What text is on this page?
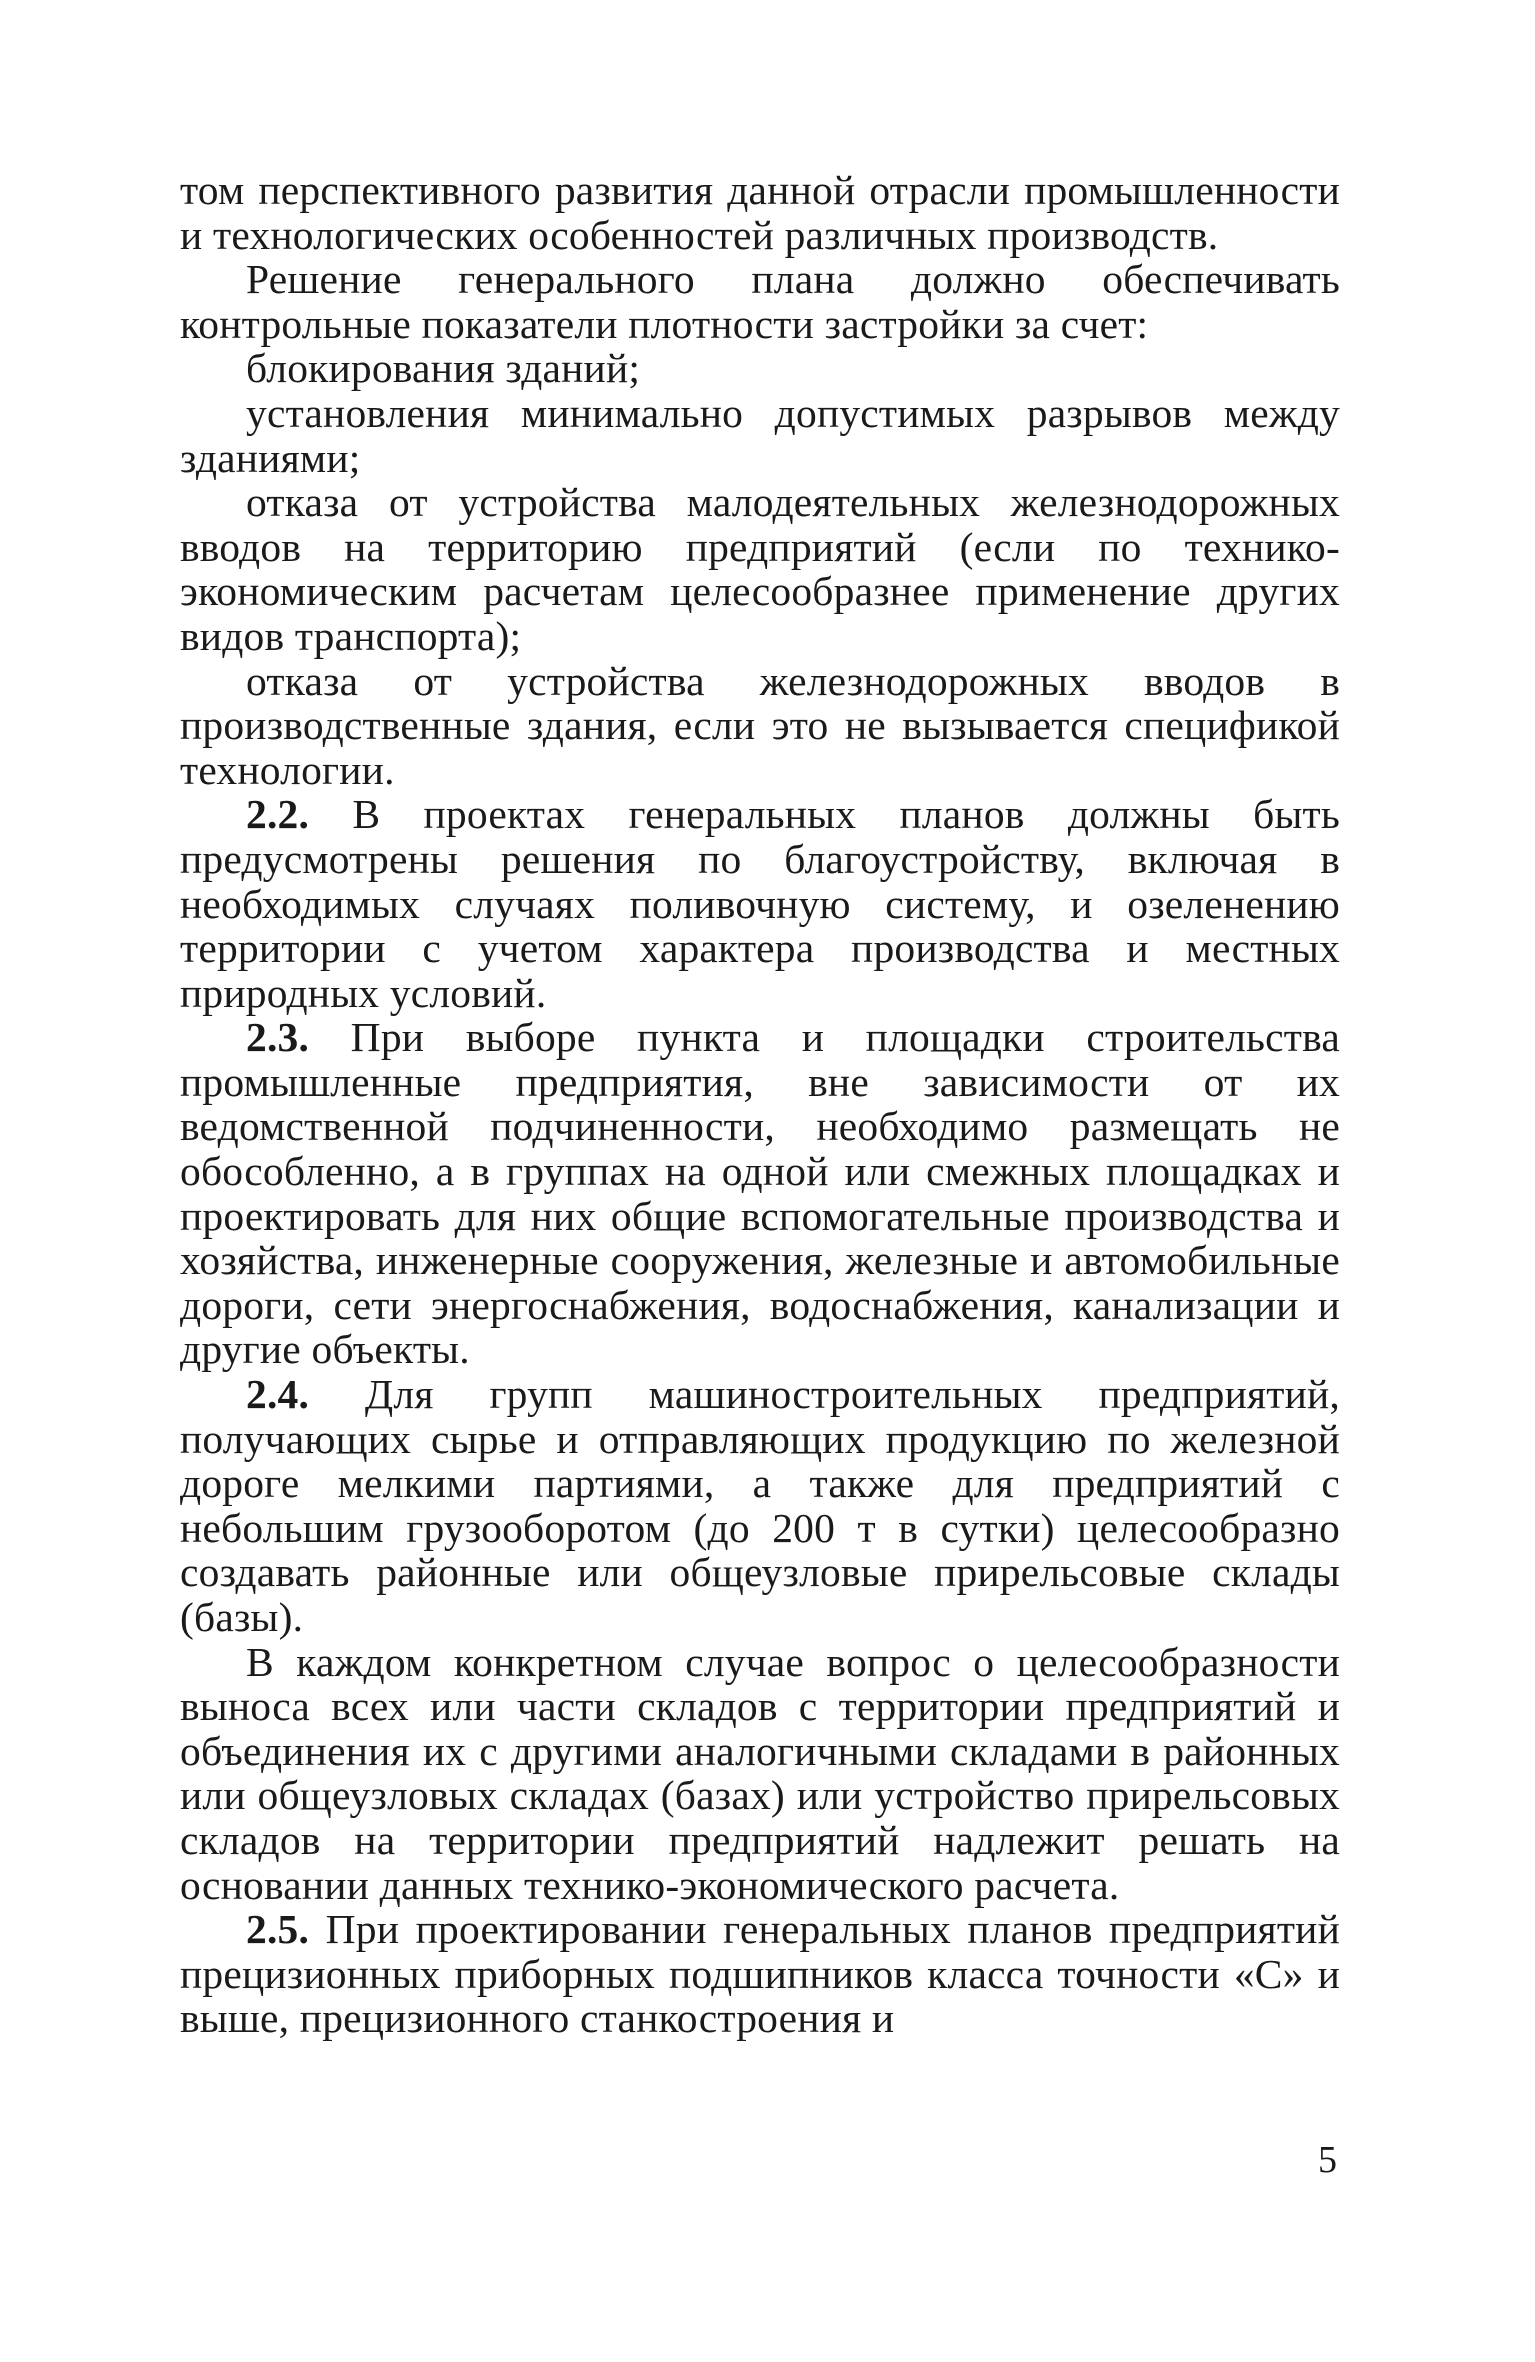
том перспективного развития данной отрасли промышленности и технологических особенностей различных производств.

Решение генерального плана должно обеспечивать контрольные показатели плотности застройки за счет:

блокирования зданий;

установления минимально допустимых разрывов между зданиями;

отказа от устройства малодеятельных железнодорожных вводов на территорию предприятий (если по технико-экономическим расчетам целесообразнее применение других видов транспорта);

отказа от устройства железнодорожных вводов в производственные здания, если это не вызывается спецификой технологии.

2.2. В проектах генеральных планов должны быть предусмотрены решения по благоустройству, включая в необходимых случаях поливочную систему, и озеленению территории с учетом характера производства и местных природных условий.

2.3. При выборе пункта и площадки строительства промышленные предприятия, вне зависимости от их ведомственной подчиненности, необходимо размещать не обособленно, а в группах на одной или смежных площадках и проектировать для них общие вспомогательные производства и хозяйства, инженерные сооружения, железные и автомобильные дороги, сети энергоснабжения, водоснабжения, канализации и другие объекты.

2.4. Для групп машиностроительных предприятий, получающих сырье и отправляющих продукцию по железной дороге мелкими партиями, а также для предприятий с небольшим грузооборотом (до 200 т в сутки) целесообразно создавать районные или общеузловые прирельсовые склады (базы).

В каждом конкретном случае вопрос о целесообразности выноса всех или части складов с территории предприятий и объединения их с другими аналогичными складами в районных или общеузловых складах (базах) или устройство прирельсовых складов на территории предприятий надлежит решать на основании данных технико-экономического расчета.

2.5. При проектировании генеральных планов предприятий прецизионных приборных подшипников класса точности «С» и выше, прецизионного станкостроения и

5
